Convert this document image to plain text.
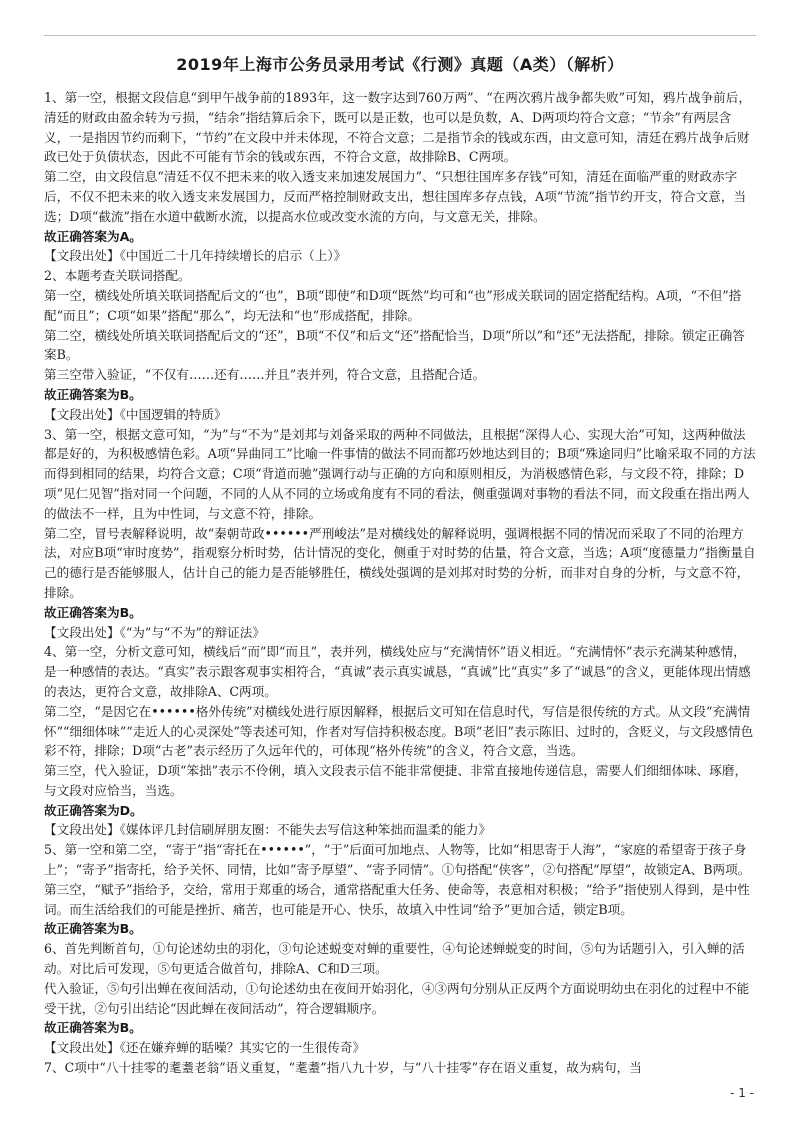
2019年上海市公务员录用考试《行测》真题（A类）（解析）

1、第一空，根据文段信息“到甲午战争前的1893年，这一数字达到760万两”、“在两次鸦片战争都失败”可知，鸦片战争前后，清廷的财政由盈余转为亏损，“结余”指结算后余下，既可以是正数，也可以是负数，A、D两项均符合文意；“节余”有两层含义，一是指因节约而剩下，“节约”在文段中并未体现，不符合文意；二是指节余的钱或东西，由文意可知，清廷在鸦片战争后财政已处于负债状态，因此不可能有节余的钱或东西，不符合文意，故排除B、C两项。

第二空，由文段信息“清廷不仅不把未来的收入透支来加速发展国力”、“只想往国库多存钱”可知，清廷在面临严重的财政赤字后，不仅不把未来的收入透支来发展国力，反而严格控制财政支出，想往国库多存点钱，A项“节流”指节约开支，符合文意，当选；D项“截流”指在水道中截断水流，以提高水位或改变水流的方向，与文意无关，排除。

故正确答案为A。

【文段出处】《中国近二十几年持续增长的启示（上）》

2、本题考查关联词搭配。

第一空，横线处所填关联词搭配后文的“也”，B项“即使”和D项“既然”均可和“也”形成关联词的固定搭配结构。A项，“不但”搭配“而且”；C项“如果”搭配“那么”，均无法和“也”形成搭配，排除。

第二空，横线处所填关联词搭配后文的“还”，B项“不仅”和后文“还”搭配恰当，D项“所以”和“还”无法搭配，排除。锁定正确答案B。

第三空带入验证，“不仅有……还有……并且”表并列，符合文意，且搭配合适。

故正确答案为B。

【文段出处】《中国逻辑的特质》

3、第一空，根据文意可知，“为”与“不为”是刘邦与刘备采取的两种不同做法，且根据“深得人心、实现大治”可知，这两种做法都是好的，为积极感情色彩。A项“异曲同工”比喻一件事情的做法不同而都巧妙地达到目的；B项“殊途同归”比喻采取不同的方法而得到相同的结果，均符合文意；C项“背道而驰”强调行动与正确的方向和原则相反，为消极感情色彩，与文段不符，排除；D项“见仁见智”指对同一个问题，不同的人从不同的立场或角度有不同的看法，侧重强调对事物的看法不同，而文段重在指出两人的做法不一样，且为中性词，与文意不符，排除。

第二空，冒号表解释说明，故“秦朝苛政••••••严刑峻法”是对横线处的解释说明，强调根据不同的情况而采取了不同的治理方法，对应B项“审时度势”，指观察分析时势，估计情况的变化，侧重于对时势的估量，符合文意，当选；A项“度德量力”指衡量自己的德行是否能够服人，估计自己的能力是否能够胜任，横线处强调的是刘邦对时势的分析，而非对自身的分析，与文意不符，排除。

故正确答案为B。

【文段出处】《“为”与“不为”的辩证法》

4、第一空，分析文意可知，横线后“而”即“而且”，表并列，横线处应与“充满情怀”语义相近。“充满情怀”表示充满某种感情，是一种感情的表达。“真实”表示跟客观事实相符合，“真诚”表示真实诚恳，“真诚”比“真实”多了“诚恳”的含义，更能体现出情感的表达，更符合文意，故排除A、C两项。

第二空，“是因它在••••••格外传统”对横线处进行原因解释，根据后文可知在信息时代，写信是很传统的方式。从文段“充满情怀”“细细体味”“走近人的心灵深处”等表述可知，作者对写信持积极态度。B项“老旧”表示陈旧、过时的，含贬义，与文段感情色彩不符，排除；D项“古老”表示经历了久远年代的，可体现“格外传统”的含义，符合文意，当选。

第三空，代入验证，D项“笨拙”表示不伶俐，填入文段表示信不能非常便捷、非常直接地传递信息，需要人们细细体味、琢磨，与文段对应恰当，当选。

故正确答案为D。

【文段出处】《媒体评几封信刷屏朋友圈：不能失去写信这种笨拙而温柔的能力》

5、第一空和第二空，“寄于”指“寄托在••••••”，“于”后面可加地点、人物等，比如“相思寄于人海”，“家庭的希望寄于孩子身上”；“寄予”指寄托，给予关怀、同情，比如“寄予厚望”、“寄予同情”。①句搭配“侠客”，②句搭配“厚望”，故锁定A、B两项。

第三空，“赋予”指给予，交给，常用于郑重的场合，通常搭配重大任务、使命等，表意相对积极；“给予”指使别人得到，是中性词。而生活给我们的可能是挫折、痛苦，也可能是开心、快乐，故填入中性词“给予”更加合适，锁定B项。

故正确答案为B。

6、首先判断首句，①句论述幼虫的羽化，③句论述蜕变对蝉的重要性，④句论述蝉蜕变的时间，⑤句为话题引入，引入蝉的活动。对比后可发现，⑤句更适合做首句，排除A、C和D三项。

代入验证，⑤句引出蝉在夜间活动，①句论述幼虫在夜间开始羽化，④③两句分别从正反两个方面说明幼虫在羽化的过程中不能受干扰，②句引出结论“因此蝉在夜间活动”，符合逻辑顺序。

故正确答案为B。

【文段出处】《还在嫌弃蝉的聒噪？其实它的一生很传奇》

7、C项中“八十挂零的耄耋老翁”语义重复，“耄耋”指八九十岁，与“八十挂零”存在语义重复，故为病句，当

- 1 -
